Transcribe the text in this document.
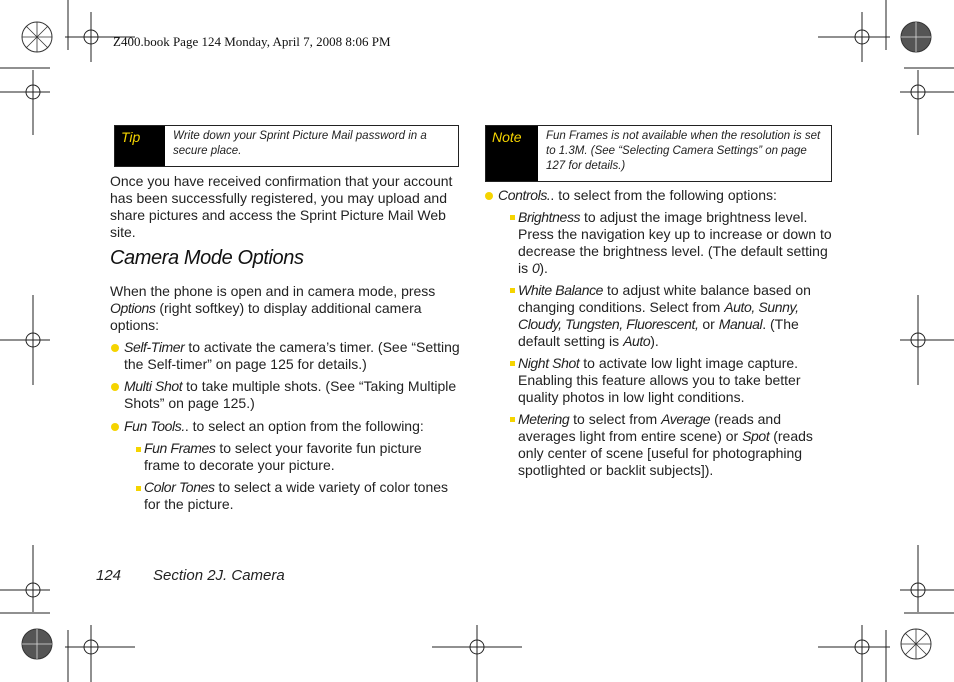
Z400.book Page 124 Monday, April 7, 2008 8:06 PM
Tip	Write down your Sprint Picture Mail password in a secure place.
Once you have received confirmation that your account has been successfully registered, you may upload and share pictures and access the Sprint Picture Mail Web site.
Camera Mode Options
When the phone is open and in camera mode, press Options (right softkey) to display additional camera options:
Self-Timer to activate the camera’s timer. (See “Setting the Self-timer” on page 125 for details.)
Multi Shot to take multiple shots. (See “Taking Multiple Shots” on page 125.)
Fun Tools.. to select an option from the following:
Fun Frames to select your favorite fun picture frame to decorate your picture.
Color Tones to select a wide variety of color tones for the picture.
Note	Fun Frames is not available when the resolution is set to 1.3M. (See “Selecting Camera Settings” on page 127 for details.)
Controls.. to select from the following options:
Brightness to adjust the image brightness level. Press the navigation key up to increase or down to decrease the brightness level. (The default setting is 0).
White Balance to adjust white balance based on changing conditions. Select from Auto, Sunny, Cloudy, Tungsten, Fluorescent, or Manual. (The default setting is Auto).
Night Shot to activate low light image capture. Enabling this feature allows you to take better quality photos in low light conditions.
Metering to select from Average (reads and averages light from entire scene) or Spot (reads only center of scene [useful for photographing spotlighted or backlit subjects]).
124 Section 2J. Camera
